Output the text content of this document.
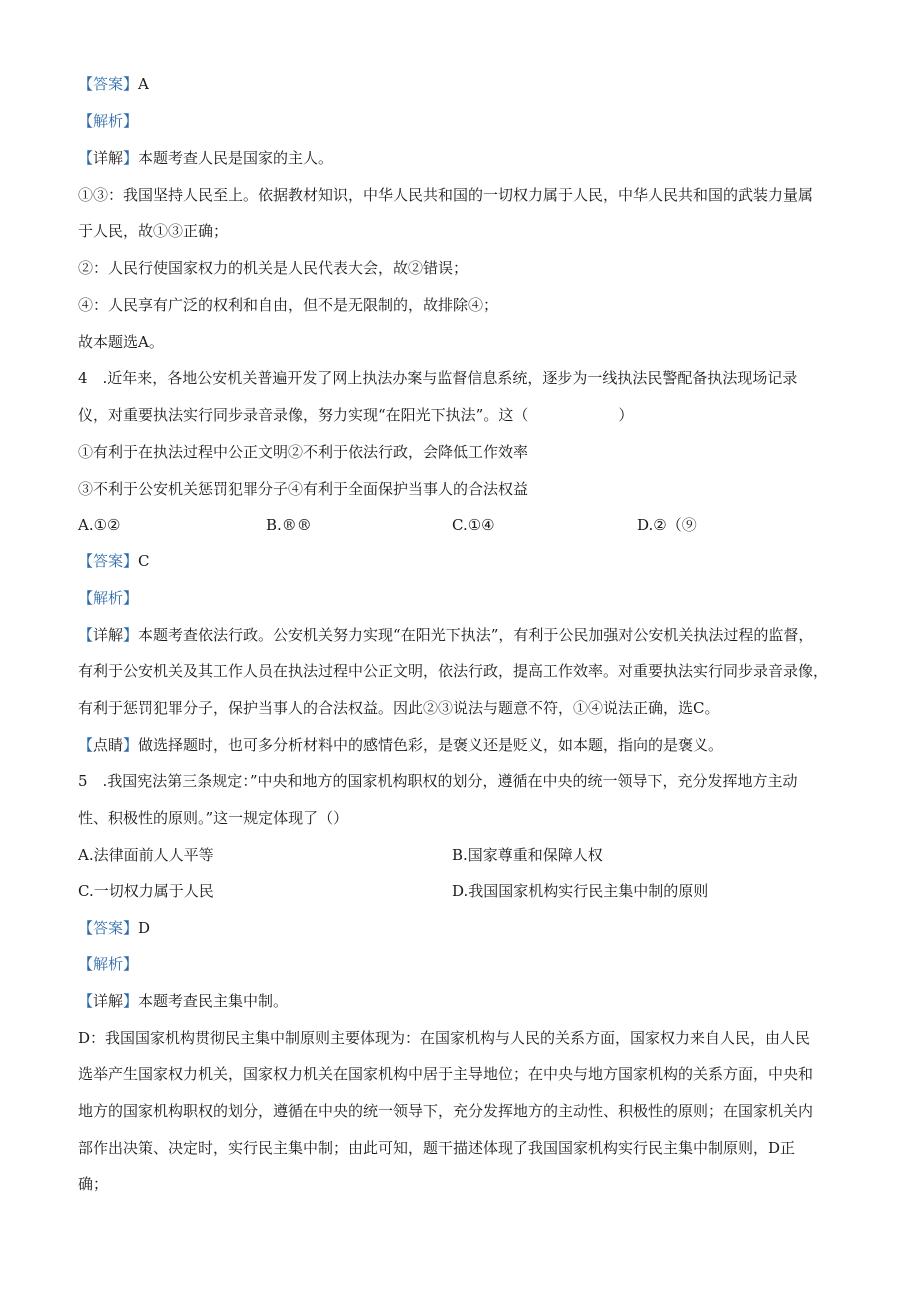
【答案】A
【解析】
【详解】本题考查人民是国家的主人。
①③：我国坚持人民至上。依据教材知识，中华人民共和国的一切权力属于人民，中华人民共和国的武装力量属
于人民，故①③正确；
②：人民行使国家权力的机关是人民代表大会，故②错误；
④：人民享有广泛的权利和自由，但不是无限制的，故排除④；
故本题选A。
4　.近年来，各地公安机关普遍开发了网上执法办案与监督信息系统，逐步为一线执法民警配备执法现场记录
仪，对重要执法实行同步录音录像，努力实现“在阳光下执法”。这（　　　　　　）
①有利于在执法过程中公正文明②不利于依法行政，会降低工作效率
③不利于公安机关惩罚犯罪分子④有利于全面保护当事人的合法权益
A.①②	B.®®	C.①④	D.②（⑨
【答案】C
【解析】
【详解】本题考查依法行政。公安机关努力实现“在阳光下执法”，有利于公民加强对公安机关执法过程的监督，
有利于公安机关及其工作人员在执法过程中公正文明，依法行政，提高工作效率。对重要执法实行同步录音录像，
有利于惩罚犯罪分子，保护当事人的合法权益。因此②③说法与题意不符，①④说法正确，选C。
【点睛】做选择题时，也可多分析材料中的感情色彩，是褒义还是贬义，如本题，指向的是褒义。
5　.我国宪法第三条规定：”中央和地方的国家机构职权的划分，遵循在中央的统一领导下，充分发挥地方主动
性、积极性的原则。”这一规定体现了（）
A.法律面前人人平等	B.国家尊重和保障人权
C.一切权力属于人民	D.我国国家机构实行民主集中制的原则
【答案】D
【解析】
【详解】本题考查民主集中制。
D：我国国家机构贯彻民主集中制原则主要体现为：在国家机构与人民的关系方面，国家权力来自人民，由人民
选举产生国家权力机关，国家权力机关在国家机构中居于主导地位；在中央与地方国家机构的关系方面，中央和
地方的国家机构职权的划分，遵循在中央的统一领导下，充分发挥地方的主动性、积极性的原则；在国家机关内
部作出决策、决定时，实行民主集中制；由此可知，题干描述体现了我国国家机构实行民主集中制原则，D正
确；
